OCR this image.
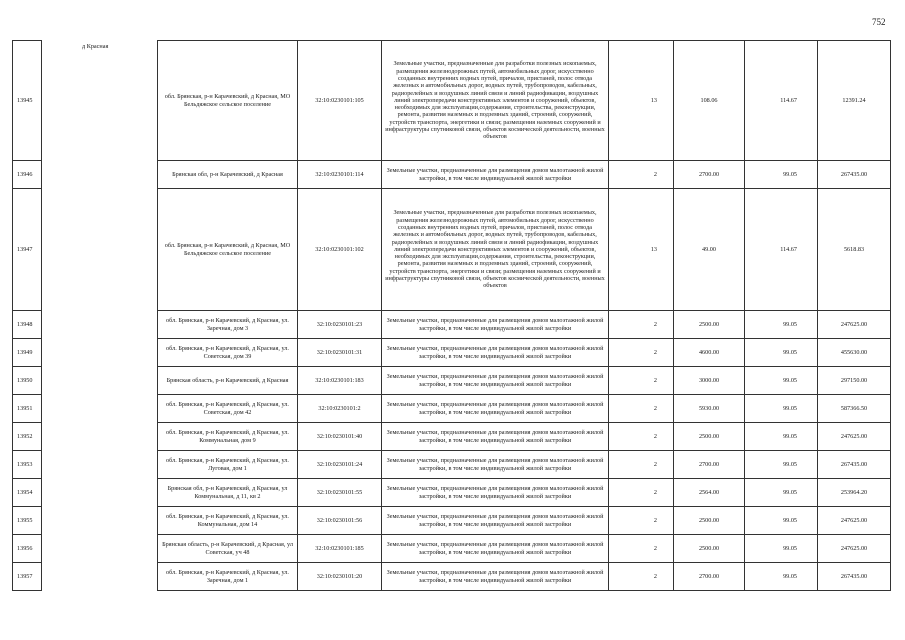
752
13945	д Красная	обл. Брянская, р-н Карачевский, д Красная, МО Бельдяжское сельское поселение	32:10:0230101:105	Земельные участки, предназначенные для разработки полезных ископаемых, размещения железнодорожных путей, автомобильных дорог, искусственно созданных внутренних водных путей, причалов, пристаней, полос отвода железных и автомобильных дорог, водных путей, трубопроводов, кабельных, радиорелейных и воздушных линий связи и линий радиофикации, воздушных линий электропередачи конструктивных элементов и сооружений, объектов, необходимых для эксплуатации,содержания, строительства, реконструкции, ремонта, развития наземных и подземных зданий, строений, сооружений, устройств транспорта, энергетики и связи; размещения наземных сооружений и инфраструктуры спутниковой связи, объектов космической деятельности, военных объектов	13	108.06	114.67	12391.24
13946		Брянская обл, р-н Карачевский, д Красная	32:10:0230101:114	Земельные участки, предназначенные для размещения домов малоэтажной жилой застройки, в том числе индивидуальной жилой застройки	2	2700.00	99.05	267435.00
13947		обл. Брянская, р-н Карачевский, д Красная, МО Бельдяжское сельское поселение	32:10:0230101:102	Земельные участки, предназначенные для разработки полезных ископаемых, размещения железнодорожных путей, автомобильных дорог, искусственно созданных внутренних водных путей, причалов, пристаней, полос отвода железных и автомобильных дорог, водных путей, трубопроводов, кабельных, радиорелейных и воздушных линий связи и линий радиофикации, воздушных линий электропередачи конструктивных элементов и сооружений, объектов, необходимых для эксплуатации,содержания, строительства, реконструкции, ремонта, развития наземных и подземных зданий, строений, сооружений, устройств транспорта, энергетики и связи; размещения наземных сооружений и инфраструктуры спутниковой связи, объектов космической деятельности, военных объектов	13	49.00	114.67	5618.83
13948		обл. Брянская, р-н Карачевский, д Красная, ул. Заречная, дом 3	32:10:0230101:23	Земельные участки, предназначенные для размещения домов малоэтажной жилой застройки, в том числе индивидуальной жилой застройки	2	2500.00	99.05	247625.00
13949		обл. Брянская, р-н Карачевский, д Красная, ул. Советская, дом 39	32:10:0230101:31	Земельные участки, предназначенные для размещения домов малоэтажной жилой застройки, в том числе индивидуальной жилой застройки	2	4600.00	99.05	455630.00
13950		Брянская область, р-н Карачевский, д Красная	32:10:0230101:183	Земельные участки, предназначенные для размещения домов малоэтажной жилой застройки, в том числе индивидуальной жилой застройки	2	3000.00	99.05	297150.00
13951		обл. Брянская, р-н Карачевский, д Красная, ул. Советская, дом 42	32:10:0230101:2	Земельные участки, предназначенные для размещения домов малоэтажной жилой застройки, в том числе индивидуальной жилой застройки	2	5930.00	99.05	587366.50
13952		обл. Брянская, р-н Карачевский, д Красная, ул. Коммунальная, дом 9	32:10:0230101:40	Земельные участки, предназначенные для размещения домов малоэтажной жилой застройки, в том числе индивидуальной жилой застройки	2	2500.00	99.05	247625.00
13953		обл. Брянская, р-н Карачевский, д Красная, ул. Луговая, дом 1	32:10:0230101:24	Земельные участки, предназначенные для размещения домов малоэтажной жилой застройки, в том числе индивидуальной жилой застройки	2	2700.00	99.05	267435.00
13954		Брянская обл, р-н Карачевский, д Красная, ул Коммунальная, д 11, кв 2	32:10:0230101:55	Земельные участки, предназначенные для размещения домов малоэтажной жилой застройки, в том числе индивидуальной жилой застройки	2	2564.00	99.05	253964.20
13955		обл. Брянская, р-н Карачевский, д Красная, ул. Коммунальная, дом 14	32:10:0230101:56	Земельные участки, предназначенные для размещения домов малоэтажной жилой застройки, в том числе индивидуальной жилой застройки	2	2500.00	99.05	247625.00
13956		Брянская область, р-н Карачевский, д Красная, ул Советская, уч 48	32:10:0230101:185	Земельные участки, предназначенные для размещения домов малоэтажной жилой застройки, в том числе индивидуальной жилой застройки	2	2500.00	99.05	247625.00
13957		обл. Брянская, р-н Карачевский, д Красная, ул. Заречная, дом 1	32:10:0230101:20	Земельные участки, предназначенные для размещения домов малоэтажной жилой застройки, в том числе индивидуальной жилой застройки	2	2700.00	99.05	267435.00
